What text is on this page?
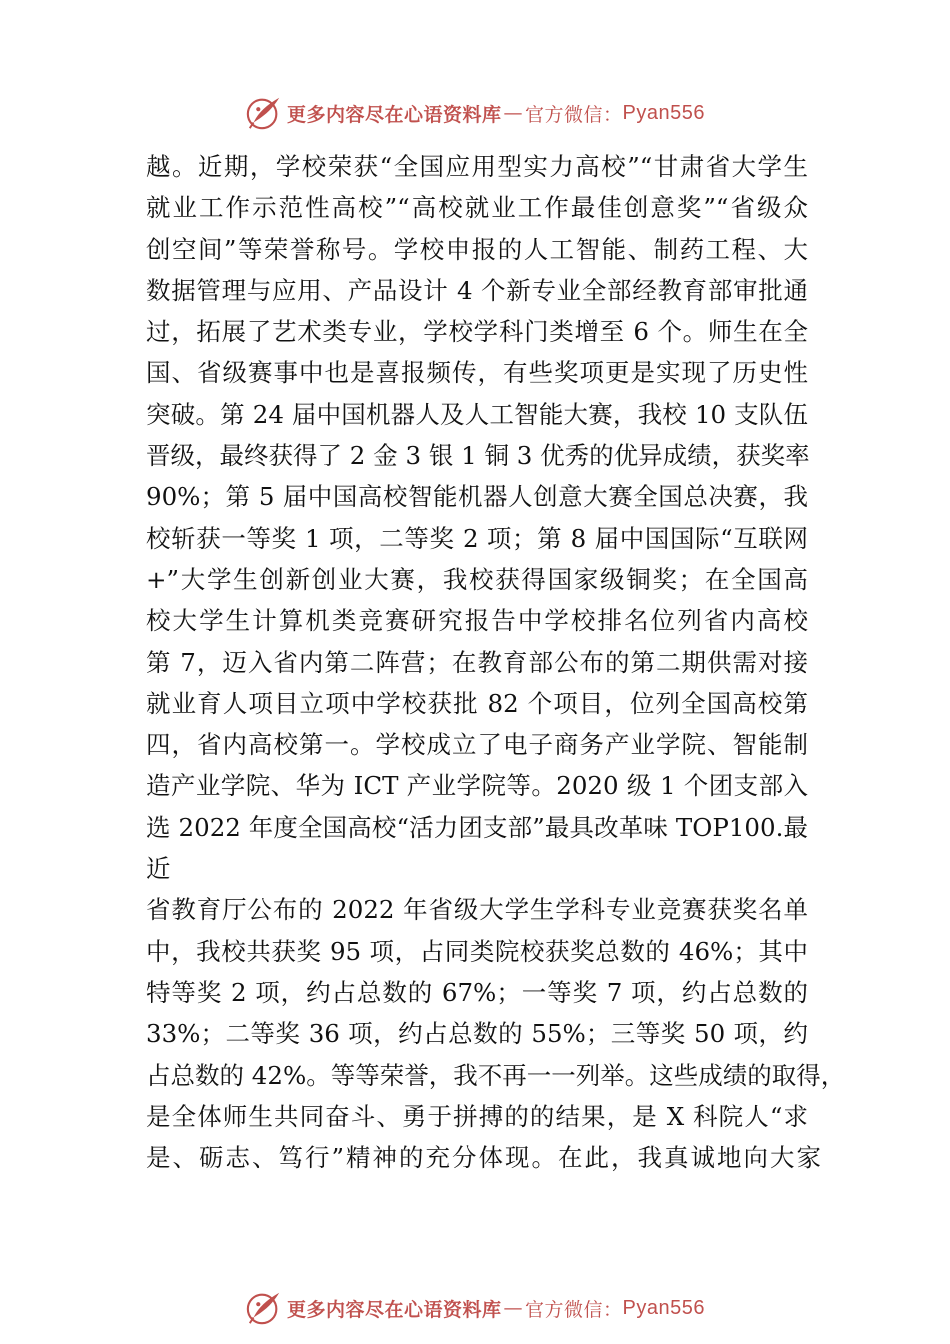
更多内容尽在心语资料库 — 官方微信： Pyan556
越。近期，学校荣获“全国应用型实力高校”“甘肃省大学生
就业工作示范性高校”“高校就业工作最佳创意奖”“省级众
创空间”等荣誉称号。学校申报的人工智能、制药工程、大
数据管理与应用、产品设计 4 个新专业全部经教育部审批通
过，拓展了艺术类专业，学校学科门类增至 6 个。师生在全
国、省级赛事中也是喜报频传，有些奖项更是实现了历史性
突破。第 24 届中国机器人及人工智能大赛，我校 10 支队伍
晋级，最终获得了 2 金 3 银 1 铜 3 优秀的优异成绩，获奖率
90%；第 5 届中国高校智能机器人创意大赛全国总决赛，我
校斩获一等奖 1 项，二等奖 2 项；第 8 届中国国际“互联网
+”大学生创新创业大赛，我校获得国家级铜奖；在全国高
校大学生计算机类竞赛研究报告中学校排名位列省内高校
第 7，迈入省内第二阵营；在教育部公布的第二期供需对接
就业育人项目立项中学校获批 82 个项目，位列全国高校第
四，省内高校第一。学校成立了电子商务产业学院、智能制
造产业学院、华为 ICT 产业学院等。2020 级 1 个团支部入
选 2022 年度全国高校“活力团支部”最具改革味 TOP100.最
近
省教育厅公布的 2022 年省级大学生学科专业竞赛获奖名单
中，我校共获奖 95 项，占同类院校获奖总数的 46%；其中
特等奖 2 项，约占总数的 67%；一等奖 7 项，约占总数的
33%；二等奖 36 项，约占总数的 55%；三等奖 50 项，约
占总数的 42%。等等荣誉，我不再一一列举。这些成绩的取得，
是全体师生共同奋斗、勇于拼搏的的结果，是 X 科院人“求
是、砺志、笃行”精神的充分体现。在此，我真诚地向大家
更多内容尽在心语资料库 — 官方微信： Pyan556
